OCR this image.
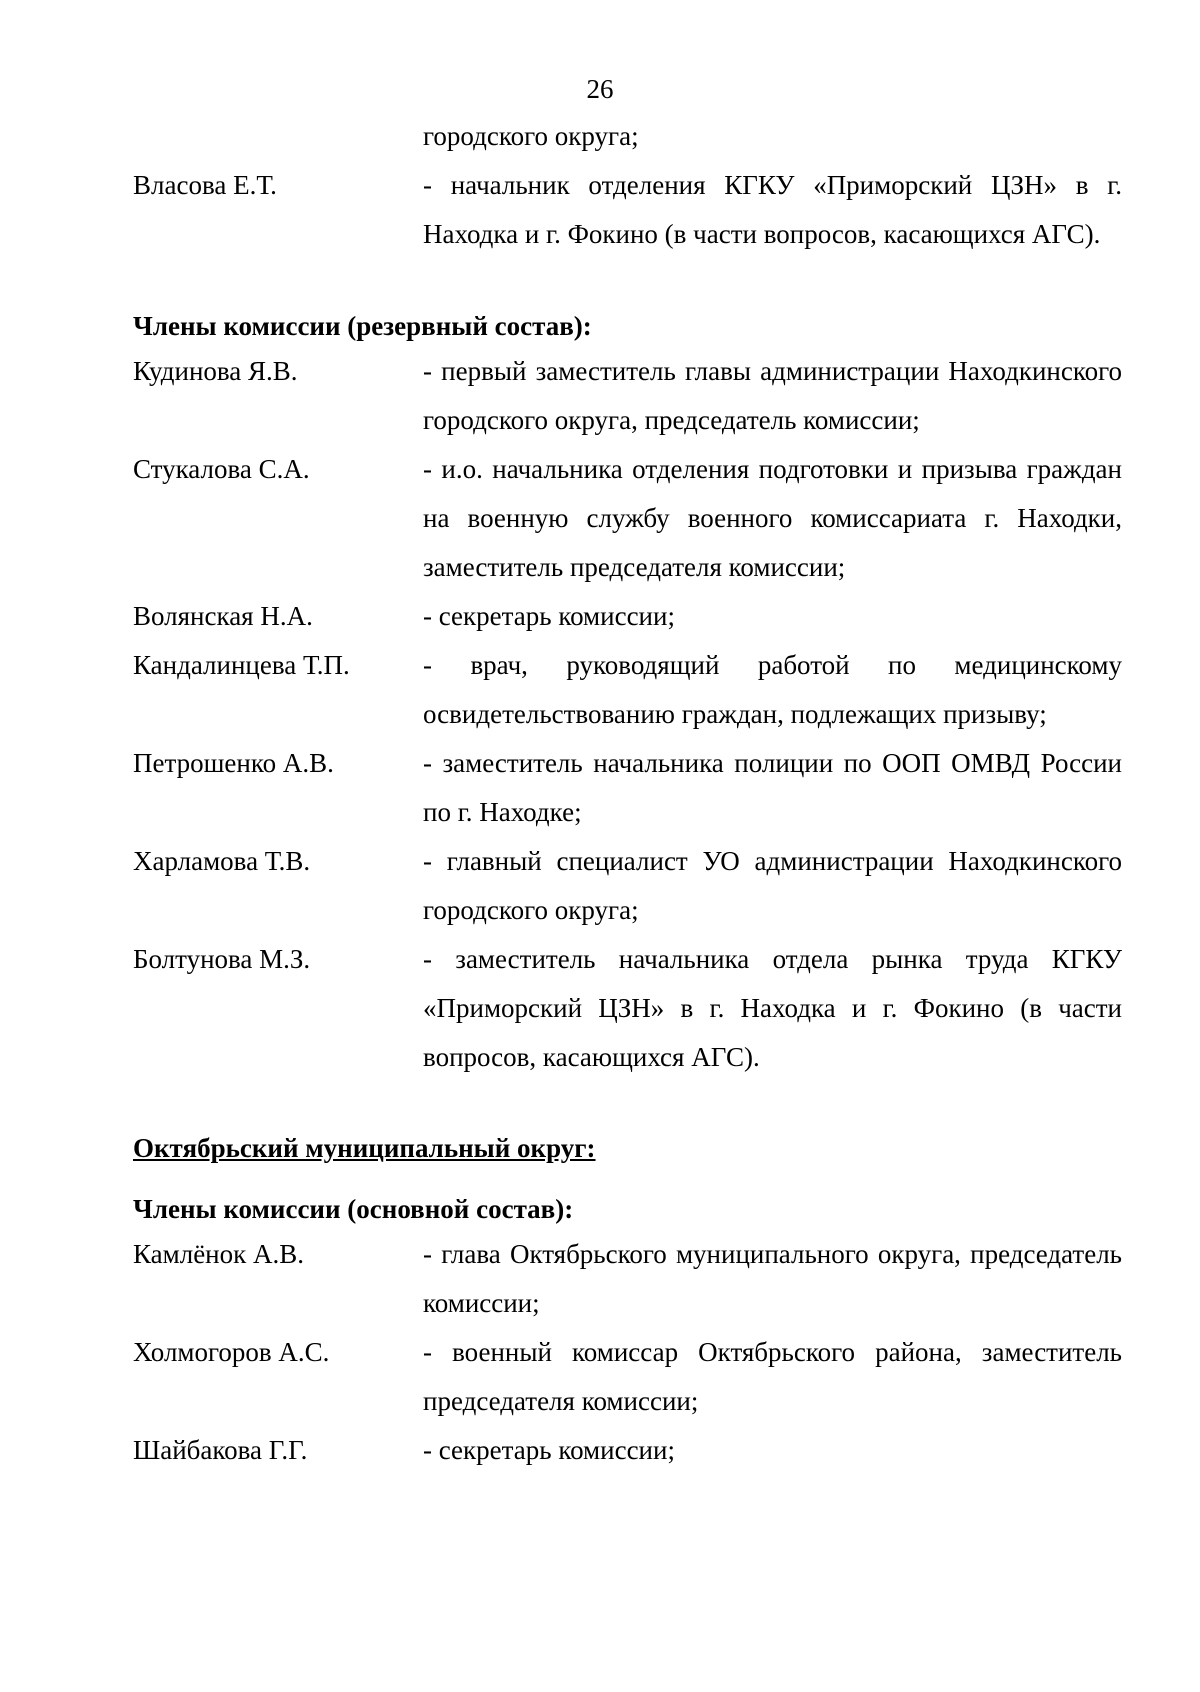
26
городского округа;
Власова Е.Т.	- начальник отделения КГКУ «Приморский ЦЗН» в г. Находка и г. Фокино (в части вопросов, касающихся АГС).
Члены комиссии (резервный состав):
Кудинова Я.В.	- первый заместитель главы администрации Находкинского городского округа, председатель комиссии;
Стукалова С.А.	- и.о. начальника отделения подготовки и призыва граждан на военную службу военного комиссариата г. Находки, заместитель председателя комиссии;
Волянская Н.А.	- секретарь комиссии;
Кандалинцева Т.П.	- врач, руководящий работой по медицинскому освидетельствованию граждан, подлежащих призыву;
Петрошенко А.В.	- заместитель начальника полиции по ООП ОМВД России по г. Находке;
Харламова Т.В.	- главный специалист УО администрации Находкинского городского округа;
Болтунова М.З.	- заместитель начальника отдела рынка труда КГКУ «Приморский ЦЗН» в г. Находка и г. Фокино (в части вопросов, касающихся АГС).
Октябрьский муниципальный округ:
Члены комиссии (основной состав):
Камлёнок А.В.	- глава Октябрьского муниципального округа, председатель комиссии;
Холмогоров А.С.	- военный комиссар Октябрьского района, заместитель председателя комиссии;
Шайбакова Г.Г.	- секретарь комиссии;
